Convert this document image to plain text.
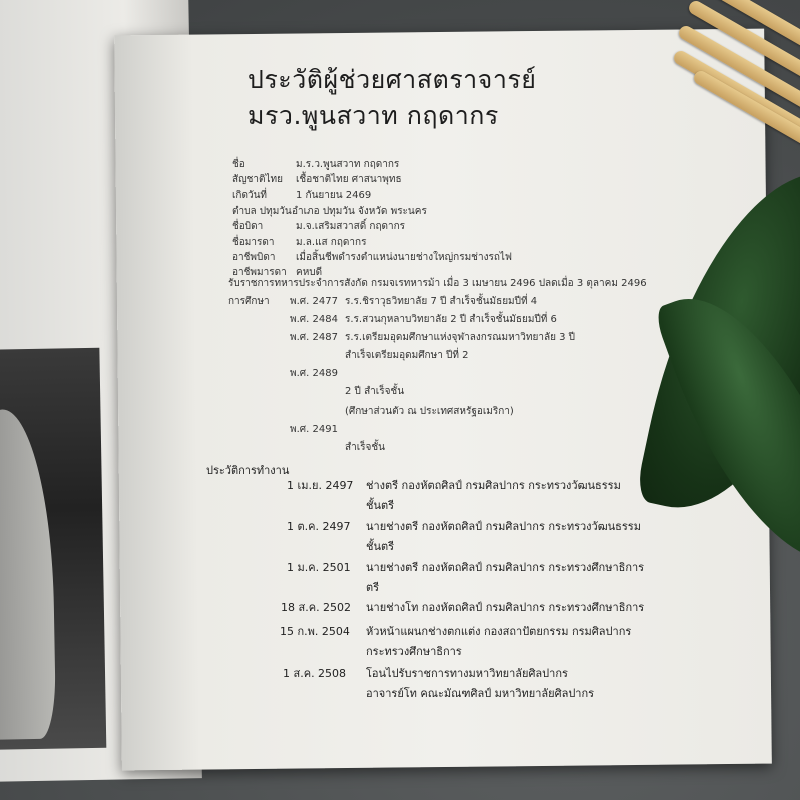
ประวัติผู้ช่วยศาสตราจารย์
มรว.พูนสวาท กฤดากร
ชื่อ	ม.ร.ว.พูนสวาท กฤดากร
สัญชาติไทย เชื้อชาติไทย ศาสนาพุทธ
เกิดวันที่	1 กันยายน 2469
ตำบล ปทุมวัน อำเภอ ปทุมวัน จังหวัด พระนคร
ชื่อบิดา	ม.จ.เสริมสวาสดิ์ กฤดากร
ชื่อมารดา ม.ล.แส กฤดากร
อาชีพบิดา เมื่อสิ้นชีพดำรงตำแหน่งนายช่างใหญ่กรมช่างรถไฟ
อาชีพมารดา คหบดี
รับราชการทหารประจำการสังกัด กรมจเรทหารม้า เมื่อ 3 เมษายน 2496 ปลดเมื่อ 3 ตุลาคม 2496
การศึกษา พ.ศ. 2477 ร.ร.ชิราวุธวิทยาลัย 7 ปี สำเร็จชั้นมัธยมปีที่ 4
พ.ศ. 2484 ร.ร.สวนกุหลาบวิทยาลัย 2 ปี สำเร็จชั้นมัธยมปีที่ 6
พ.ศ. 2487 ร.ร.เตรียมอุดมศึกษาแห่งจุฬาลงกรณมหาวิทยาลัย 3 ปี
สำเร็จเตรียมอุดมศึกษา ปีที่ 2
พ.ศ. 2489
2 ปี สำเร็จชั้น
(ศึกษาส่วนตัว ณ ประเทศสหรัฐอเมริกา)
พ.ศ. 2491
สำเร็จชั้น
ประวัติการทำงาน
1 เม.ย. 2497 ช่างตรี กองหัตถศิลป์ กรมศิลปากร กระทรวงวัฒนธรรม
ชั้นตรี
1 ต.ค. 2497 นายช่างตรี กองหัตถศิลป์ กรมศิลปากร กระทรวงวัฒนธรรม
ชั้นตรี
1 ม.ค. 2501 นายช่างตรี กองหัตถศิลป์ กรมศิลปากร กระทรวงศึกษาธิการ
ตรี
18 ส.ค. 2502 นายช่างโท กองหัตถศิลป์ กรมศิลปากร กระทรวงศึกษาธิการ
15 ก.พ. 2504 หัวหน้าแผนกช่างตกแต่ง กองสถาปัตยกรรม กรมศิลปากร
กระทรวงศึกษาธิการ
1 ส.ค. 2508 โอนไปรับราชการทางมหาวิทยาลัยศิลปากร
อาจารย์โท คณะมัณฑศิลป์ มหาวิทยาลัยศิลปากร
